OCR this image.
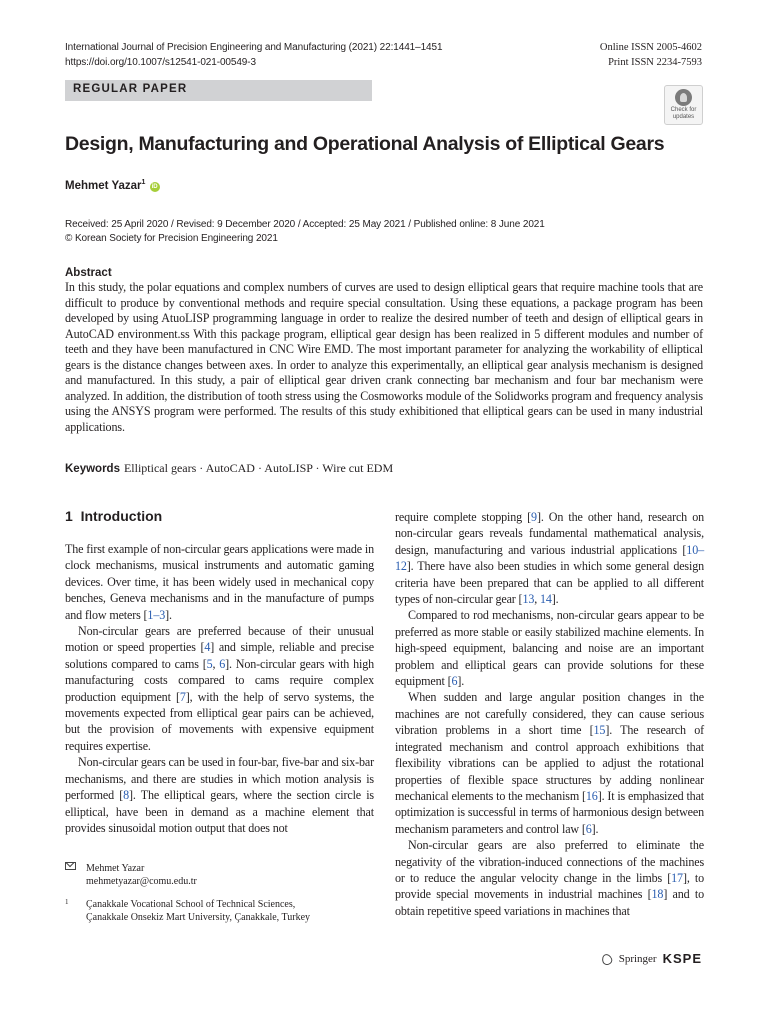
International Journal of Precision Engineering and Manufacturing (2021) 22:1441–1451
https://doi.org/10.1007/s12541-021-00549-3
Online ISSN 2005-4602
Print ISSN 2234-7593
REGULAR PAPER
Check for
updates
Design, Manufacturing and Operational Analysis of Elliptical Gears
Mehmet Yazar$^1$ iD
Received: 25 April 2020 / Revised: 9 December 2020 / Accepted: 25 May 2021 / Published online: 8 June 2021
© Korean Society for Precision Engineering 2021
Abstract

In this study, the polar equations and complex numbers of curves are used to design elliptical gears that require machine tools that are difficult to produce by conventional methods and require special consultation. Using these equations, a package program has been developed by using AtuoLISP programming language in order to realize the desired number of teeth and design of elliptical gears in AutoCAD environment.ss With this package program, elliptical gear design has been realized in 5 different modules and number of teeth and they have been manufactured in CNC Wire EMD. The most important parameter for analyzing the workability of elliptical gears is the distance changes between axes. In order to analyze this experimentally, an elliptical gear analysis mechanism is designed and manufactured. In this study, a pair of elliptical gear driven crank connecting bar mechanism and four bar mechanism were analyzed. In addition, the distribution of tooth stress using the Cosmoworks module of the Solidworks program and frequency analysis using the ANSYS program were performed. The results of this study exhibitioned that elliptical gears can be used in many industrial applications.

Keywords Elliptical gears · AutoCAD · AutoLISP · Wire cut EDM
1 Introduction

The first example of non-circular gears applications were made in clock mechanisms, musical instruments and automatic gaming devices. Over time, it has been widely used in mechanical copy benches, Geneva mechanisms and in the manufacture of pumps and flow meters [1–3].

Non-circular gears are preferred because of their unusual motion or speed properties [4] and simple, reliable and precise solutions compared to cams [5, 6]. Non-circular gears with high manufacturing costs compared to cams require complex production equipment [7], with the help of servo systems, the movements expected from elliptical gear pairs can be achieved, but the provision of movements with expensive equipment requires expertise.

Non-circular gears can be used in four-bar, five-bar and six-bar mechanisms, and there are studies in which motion analysis is performed [8]. The elliptical gears, where the section circle is elliptical, have been in demand as a machine element that provides sinusoidal motion output that does not

require complete stopping [9]. On the other hand, research on non-circular gears reveals fundamental mathematical analysis, design, manufacturing and various industrial applications [10–12]. There have also been studies in which some general design criteria have been prepared that can be applied to all different types of non-circular gear [13, 14].

Compared to rod mechanisms, non-circular gears appear to be preferred as more stable or easily stabilized machine elements. In high-speed equipment, balancing and noise are an important problem and elliptical gears can provide solutions for these equipment [6].

When sudden and large angular position changes in the machines are not carefully considered, they can cause serious vibration problems in a short time [15]. The research of integrated mechanism and control approach exhibitions that flexibility vibrations can be applied to adjust the rotational properties of flexible space structures by adding nonlinear mechanical elements to the mechanism [16]. It is emphasized that optimization is successful in terms of harmonious design between mechanism parameters and control law [6].

Non-circular gears are also preferred to eliminate the negativity of the vibration-induced connections of the machines or to reduce the angular velocity change in the limbs [17], to provide special movements in industrial machines [18] and to obtain repetitive speed variations in machines that

Mehmet Yazar
mehmetyazar@comu.edu.tr
1 Çanakkale Vocational School of Technical Sciences,
Çanakkale Onsekiz Mart University, Çanakkale, Turkey
Springer KSPE
